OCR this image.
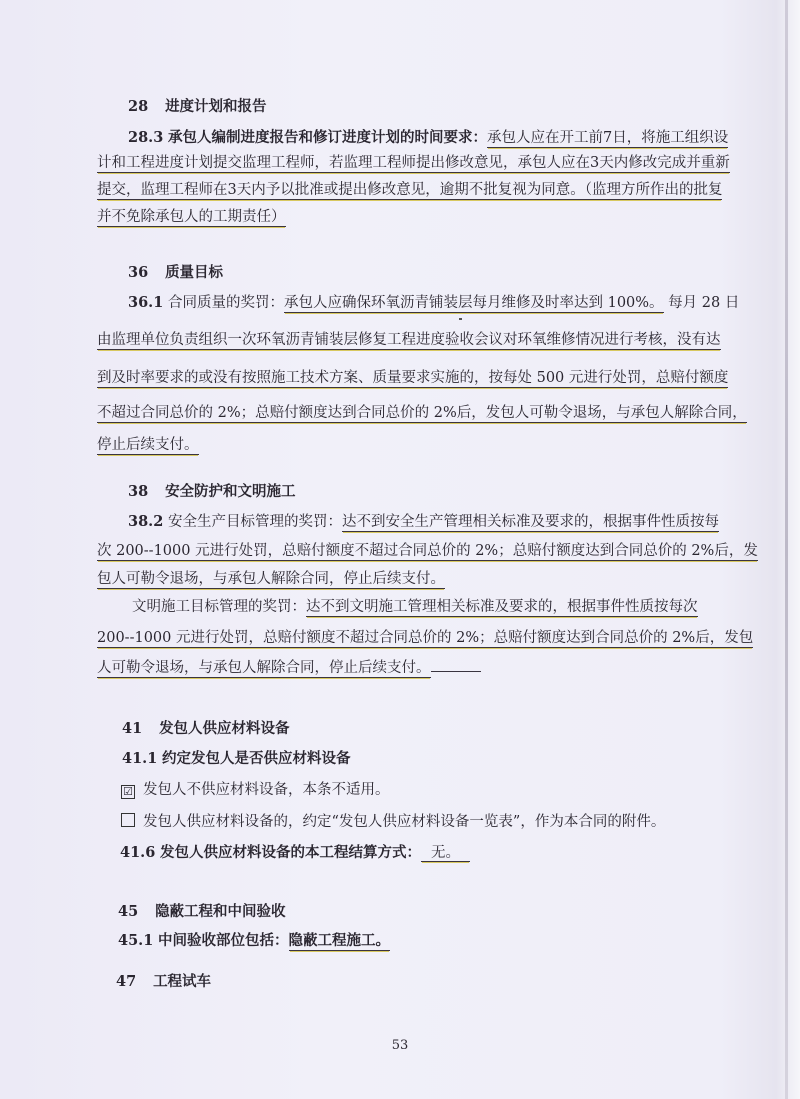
28 进度计划和报告
28.3 承包人编制进度报告和修订进度计划的时间要求：承包人应在开工前7日，将施工组织设
计和工程进度计划提交监理工程师，若监理工程师提出修改意见，承包人应在3天内修改完成并重新
提交，监理工程师在3天内予以批准或提出修改意见，逾期不批复视为同意。（监理方所作出的批复
并不免除承包人的工期责任）
36 质量目标
36.1 合同质量的奖罚：承包人应确保环氧沥青铺装层每月维修及时率达到 100%。 每月 28 日
由监理单位负责组织一次环氧沥青铺装层修复工程进度验收会议对环氧维修情况进行考核，没有达
到及时率要求的或没有按照施工技术方案、质量要求实施的，按每处 500 元进行处罚，总赔付额度
不超过合同总价的 2%；总赔付额度达到合同总价的 2%后，发包人可勒令退场，与承包人解除合同，
停止后续支付。
38 安全防护和文明施工
38.2 安全生产目标管理的奖罚：达不到安全生产管理相关标准及要求的，根据事件性质按每
次 200--1000 元进行处罚，总赔付额度不超过合同总价的 2%；总赔付额度达到合同总价的 2%后，发
包人可勒令退场，与承包人解除合同，停止后续支付。
文明施工目标管理的奖罚：达不到文明施工管理相关标准及要求的，根据事件性质按每次
200--1000 元进行处罚，总赔付额度不超过合同总价的 2%；总赔付额度达到合同总价的 2%后，发包
人可勒令退场，与承包人解除合同，停止后续支付。
41 发包人供应材料设备
41.1 约定发包人是否供应材料设备
☑ 发包人不供应材料设备，本条不适用。
发包人供应材料设备的，约定“发包人供应材料设备一览表”，作为本合同的附件。
41.6 发包人供应材料设备的本工程结算方式： 无。
45 隐蔽工程和中间验收
45.1 中间验收部位包括：隐蔽工程施工。
47 工程试车
53
